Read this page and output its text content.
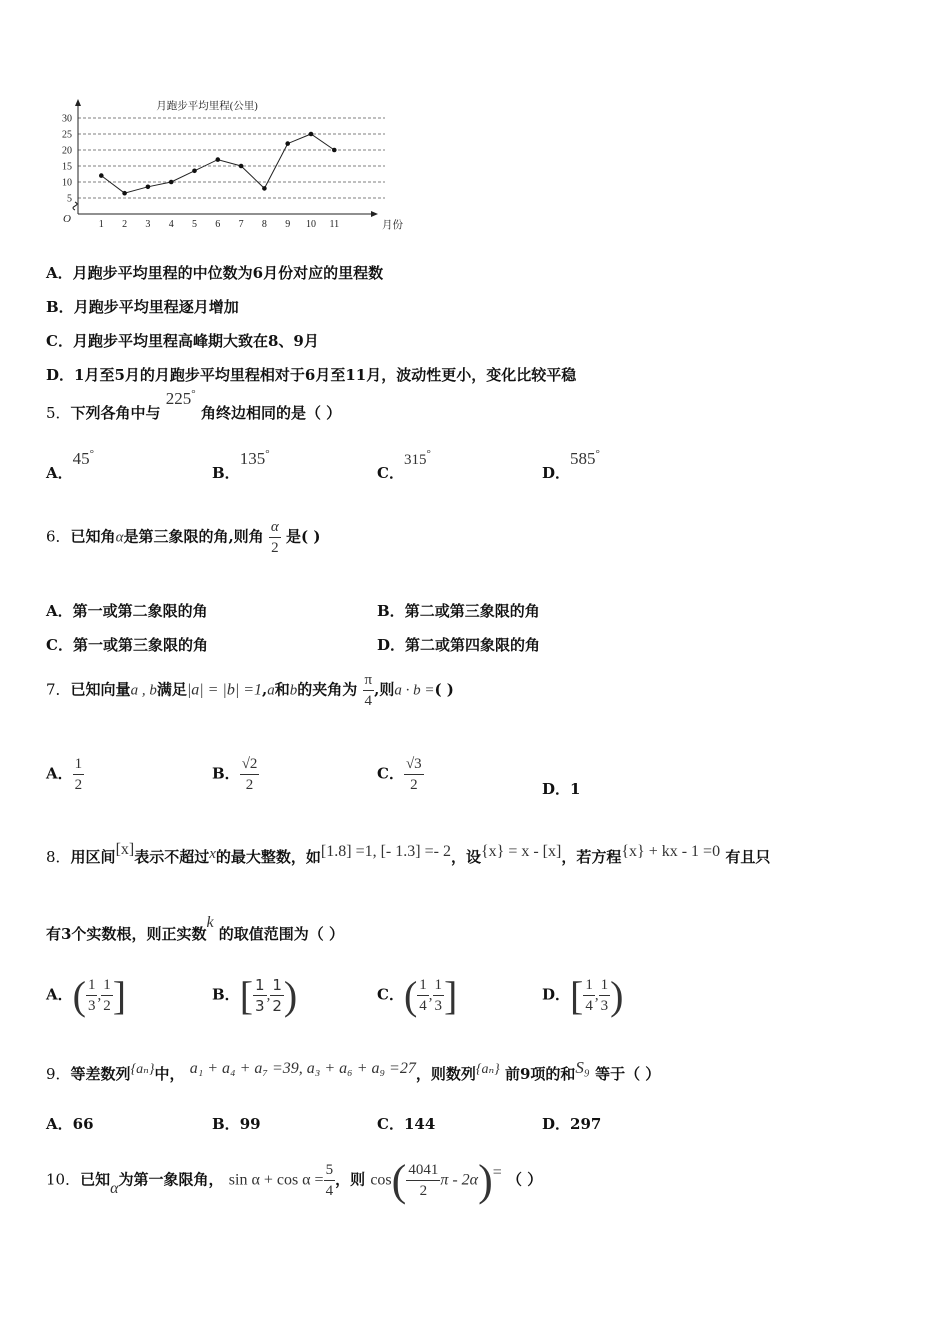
5
10
15
20
25
30
O
月跑步平均里程(公里)
1 2 3 4 5 6 7 8 9 10 11	月份
A．月跑步平均里程的中位数为6月份对应的里程数
B．月跑步平均里程逐月增加
C．月跑步平均里程高峰期大致在8、9月
D．1月至5月的月跑步平均里程相对于6月至11月，波动性更小，变化比较平稳
5．下列各角中与 225° 角终边相同的是（ ）
A．45°
B．135°
C．315°
D．585°
6．已知角α是第三象限的角,则角 $\frac{\alpha}{2}$ 是( )
A．第一或第二象限的角	B．第二或第三象限的角
C．第一或第三象限的角	D．第二或第四象限的角
7．已知向量a , b满足|a| = |b| =1,a和b的夹角为 $\frac{\pi}{4}$ ,则a · b =( )
A． $\frac{1}{2}$	B． $\frac{√2}{2}$	C． $\frac{√3}{2}$	D．1
8．用区间[x]表示不超过x的最大整数，如[1.8] =1, [- 1.3] =- 2，设{x} = x - [x]，若方程{x} + kx - 1 =0 有且只
有3个实数根，则正实数k 的取值范围为（ ）
A．( $\frac{1}{3}$ , $\frac{1}{2}$ ]	B．[ $\frac{1}{3}$ , $\frac{1}{2}$ )	C．( $\frac{1}{4}$ , $\frac{1}{3}$ ]	D．[ $\frac{1}{4}$ , $\frac{1}{3}$ )
9．等差数列{aₙ}中， a₁ + a₄ + a₇ =39, a₃ + a₆ + a₉ =27，则数列{aₙ} 前9项的和S₉ 等于（ ）
A．66	B．99	C．144	D．297
10．已知α为第一象限角， $\sin \alpha + \cos \alpha = \frac{5}{4}$ ，则 $\cos( \frac{4041}{2}$ π - 2α)= （ ）
